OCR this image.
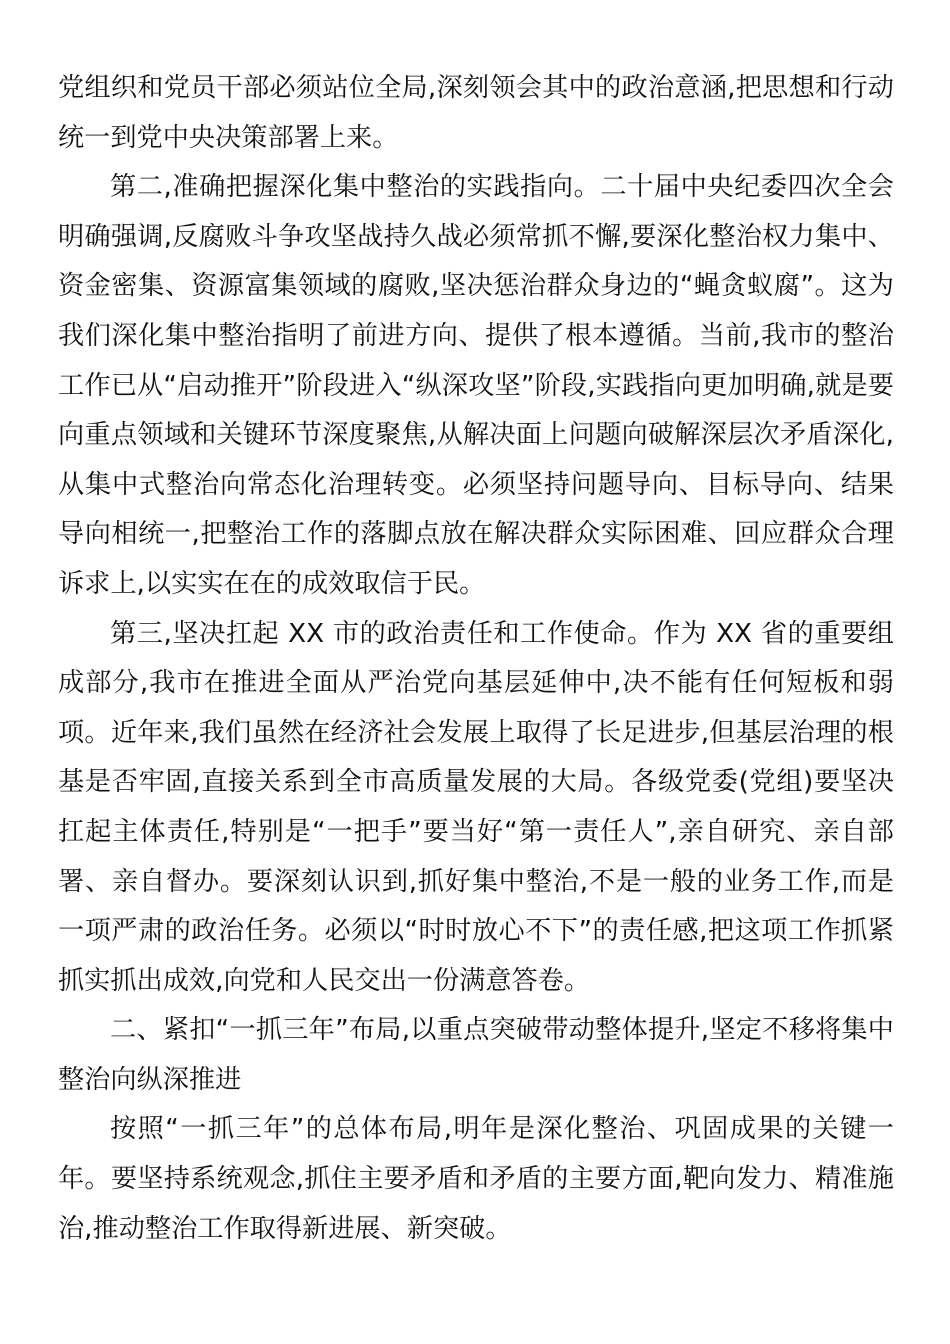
党组织和党员干部必须站位全局,深刻领会其中的政治意涵,把思想和行动统一到党中央决策部署上来。

第二,准确把握深化集中整治的实践指向。二十届中央纪委四次全会明确强调,反腐败斗争攻坚战持久战必须常抓不懈,要深化整治权力集中、资金密集、资源富集领域的腐败,坚决惩治群众身边的“蝇贪蚁腐”。这为我们深化集中整治指明了前进方向、提供了根本遵循。当前,我市的整治工作已从“启动推开”阶段进入“纵深攻坚”阶段,实践指向更加明确,就是要向重点领域和关键环节深度聚焦,从解决面上问题向破解深层次矛盾深化,从集中式整治向常态化治理转变。必须坚持问题导向、目标导向、结果导向相统一,把整治工作的落脚点放在解决群众实际困难、回应群众合理诉求上,以实实在在的成效取信于民。

第三,坚决扛起 XX 市的政治责任和工作使命。作为 XX 省的重要组成部分,我市在推进全面从严治党向基层延伸中,决不能有任何短板和弱项。近年来,我们虽然在经济社会发展上取得了长足进步,但基层治理的根基是否牢固,直接关系到全市高质量发展的大局。各级党委(党组)要坚决扛起主体责任,特别是“一把手”要当好“第一责任人”,亲自研究、亲自部署、亲自督办。要深刻认识到,抓好集中整治,不是一般的业务工作,而是一项严肃的政治任务。必须以“时时放心不下”的责任感,把这项工作抓紧抓实抓出成效,向党和人民交出一份满意答卷。

二、紧扣“一抓三年”布局,以重点突破带动整体提升,坚定不移将集中整治向纵深推进

按照“一抓三年”的总体布局,明年是深化整治、巩固成果的关键一年。要坚持系统观念,抓住主要矛盾和矛盾的主要方面,靶向发力、精准施治,推动整治工作取得新进展、新突破。
